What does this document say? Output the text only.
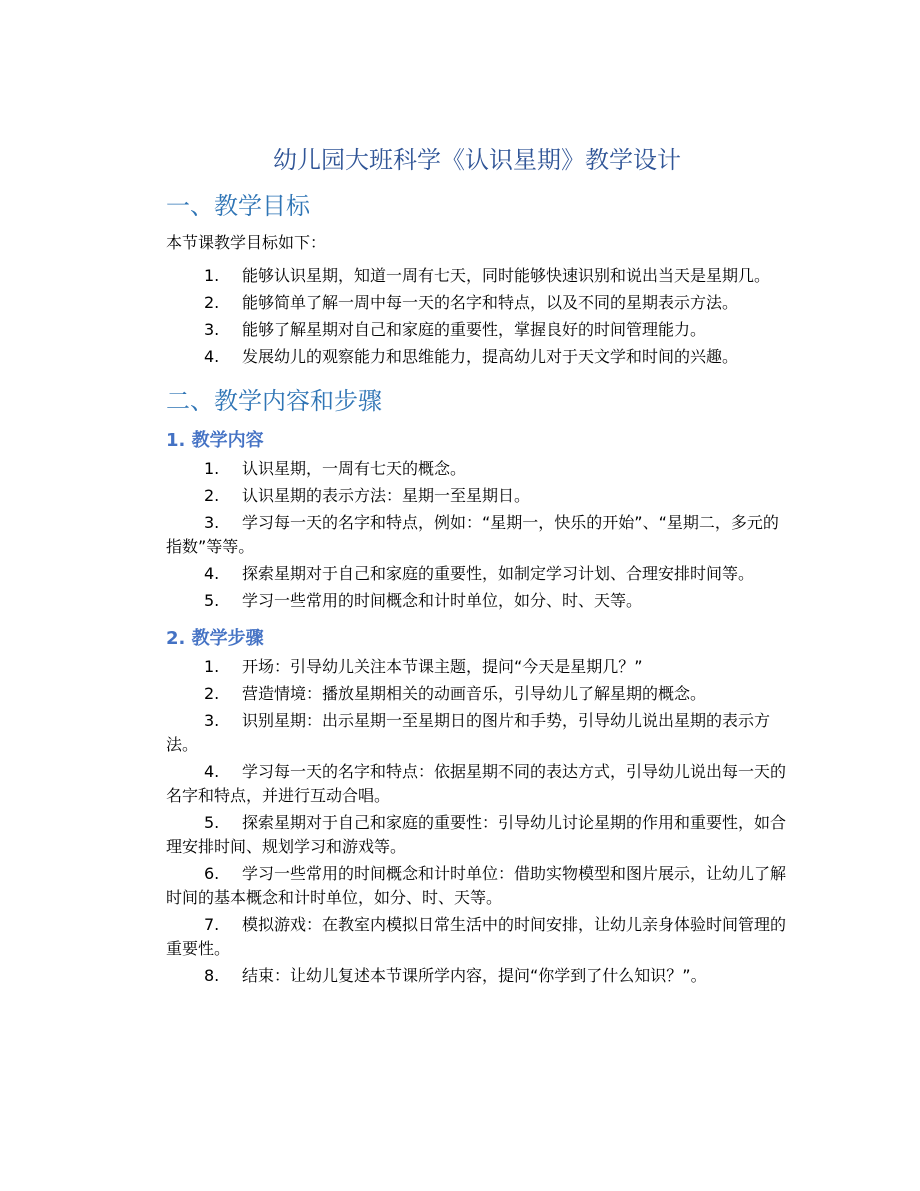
幼儿园大班科学《认识星期》教学设计
一、教学目标

本节课教学目标如下：

1. 能够认识星期，知道一周有七天，同时能够快速识别和说出当天是星期几。
2. 能够简单了解一周中每一天的名字和特点，以及不同的星期表示方法。
3. 能够了解星期对自己和家庭的重要性，掌握良好的时间管理能力。
4. 发展幼儿的观察能力和思维能力，提高幼儿对于天文学和时间的兴趣。
二、教学内容和步骤
1. 教学内容
1. 认识星期，一周有七天的概念。
2. 认识星期的表示方法：星期一至星期日。
3. 学习每一天的名字和特点，例如：“星期一，快乐的开始”、“星期二，多元的指数”等等。
4. 探索星期对于自己和家庭的重要性，如制定学习计划、合理安排时间等。
5. 学习一些常用的时间概念和计时单位，如分、时、天等。
2. 教学步骤
1. 开场：引导幼儿关注本节课主题，提问“今天是星期几？”
2. 营造情境：播放星期相关的动画音乐，引导幼儿了解星期的概念。
3. 识别星期：出示星期一至星期日的图片和手势，引导幼儿说出星期的表示方法。
4. 学习每一天的名字和特点：依据星期不同的表达方式，引导幼儿说出每一天的名字和特点，并进行互动合唱。
5. 探索星期对于自己和家庭的重要性：引导幼儿讨论星期的作用和重要性，如合理安排时间、规划学习和游戏等。
6. 学习一些常用的时间概念和计时单位：借助实物模型和图片展示，让幼儿了解时间的基本概念和计时单位，如分、时、天等。
7. 模拟游戏：在教室内模拟日常生活中的时间安排，让幼儿亲身体验时间管理的重要性。
8. 结束：让幼儿复述本节课所学内容，提问“你学到了什么知识？”。
